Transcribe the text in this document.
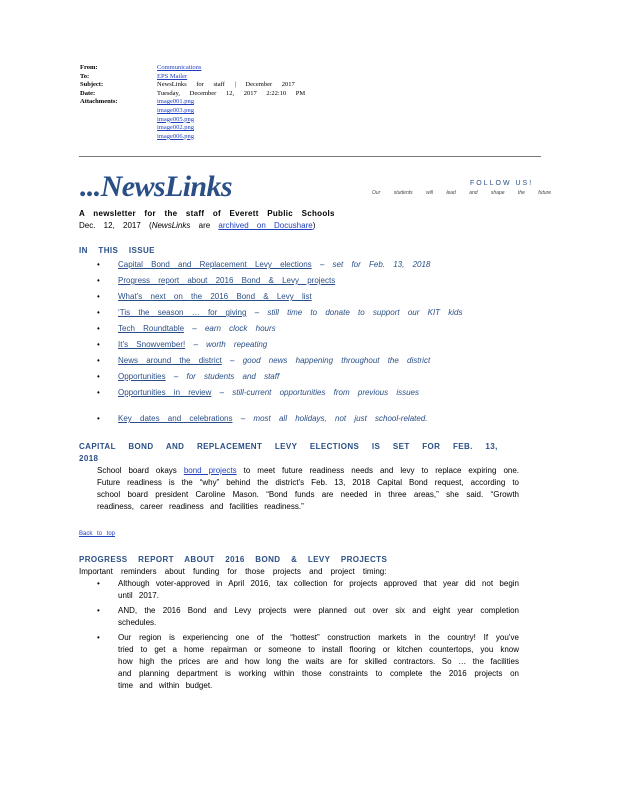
From:	Communications
To:	EPS Mailer
Subject:	NewsLinks for staff | December 2017
Date:	Tuesday, December 12, 2017 2:22:10 PM
Attachments:	image001.png
image003.png
image005.png
image002.png
image006.png
...NewsLinks	FOLLOW US!
Our students will lead and shape the future
A newsletter for the staff of Everett Public Schools
Dec. 12, 2017 (NewsLinks are archived on Docushare)
IN THIS ISSUE
• Capital Bond and Replacement Levy elections – set for Feb. 13, 2018
• Progress report about 2016 Bond & Levy projects
• What’s next on the 2016 Bond & Levy list
• ‘Tis the season … for giving – still time to donate to support our KIT kids
• Tech Roundtable – earn clock hours
• It’s Snowvember! – worth repeating
• News around the district – good news happening throughout the district
• Opportunities – for students and staff
• Opportunities in review – still-current opportunities from previous issues
• Key dates and celebrations – most all holidays, not just school-related.
CAPITAL BOND AND REPLACEMENT LEVY ELECTIONS IS SET FOR FEB. 13, 2018
School board okays bond projects to meet future readiness needs and levy to replace expiring one. Future readiness is the “why” behind the district’s Feb. 13, 2018 Capital Bond request, according to school board president Caroline Mason. “Bond funds are needed in three areas,” she said. “Growth readiness, career readiness and facilities readiness.”
Back to top
PROGRESS REPORT ABOUT 2016 BOND & LEVY PROJECTS
Important reminders about funding for those projects and project timing:
• Although voter-approved in April 2016, tax collection for projects approved that year did not begin until 2017.
• AND, the 2016 Bond and Levy projects were planned out over six and eight year completion schedules.
• Our region is experiencing one of the “hottest” construction markets in the country! If you’ve tried to get a home repairman or someone to install flooring or kitchen countertops, you know how high the prices are and how long the waits are for skilled contractors. So … the facilities and planning department is working within those constraints to complete the 2016 projects on time and within budget.
